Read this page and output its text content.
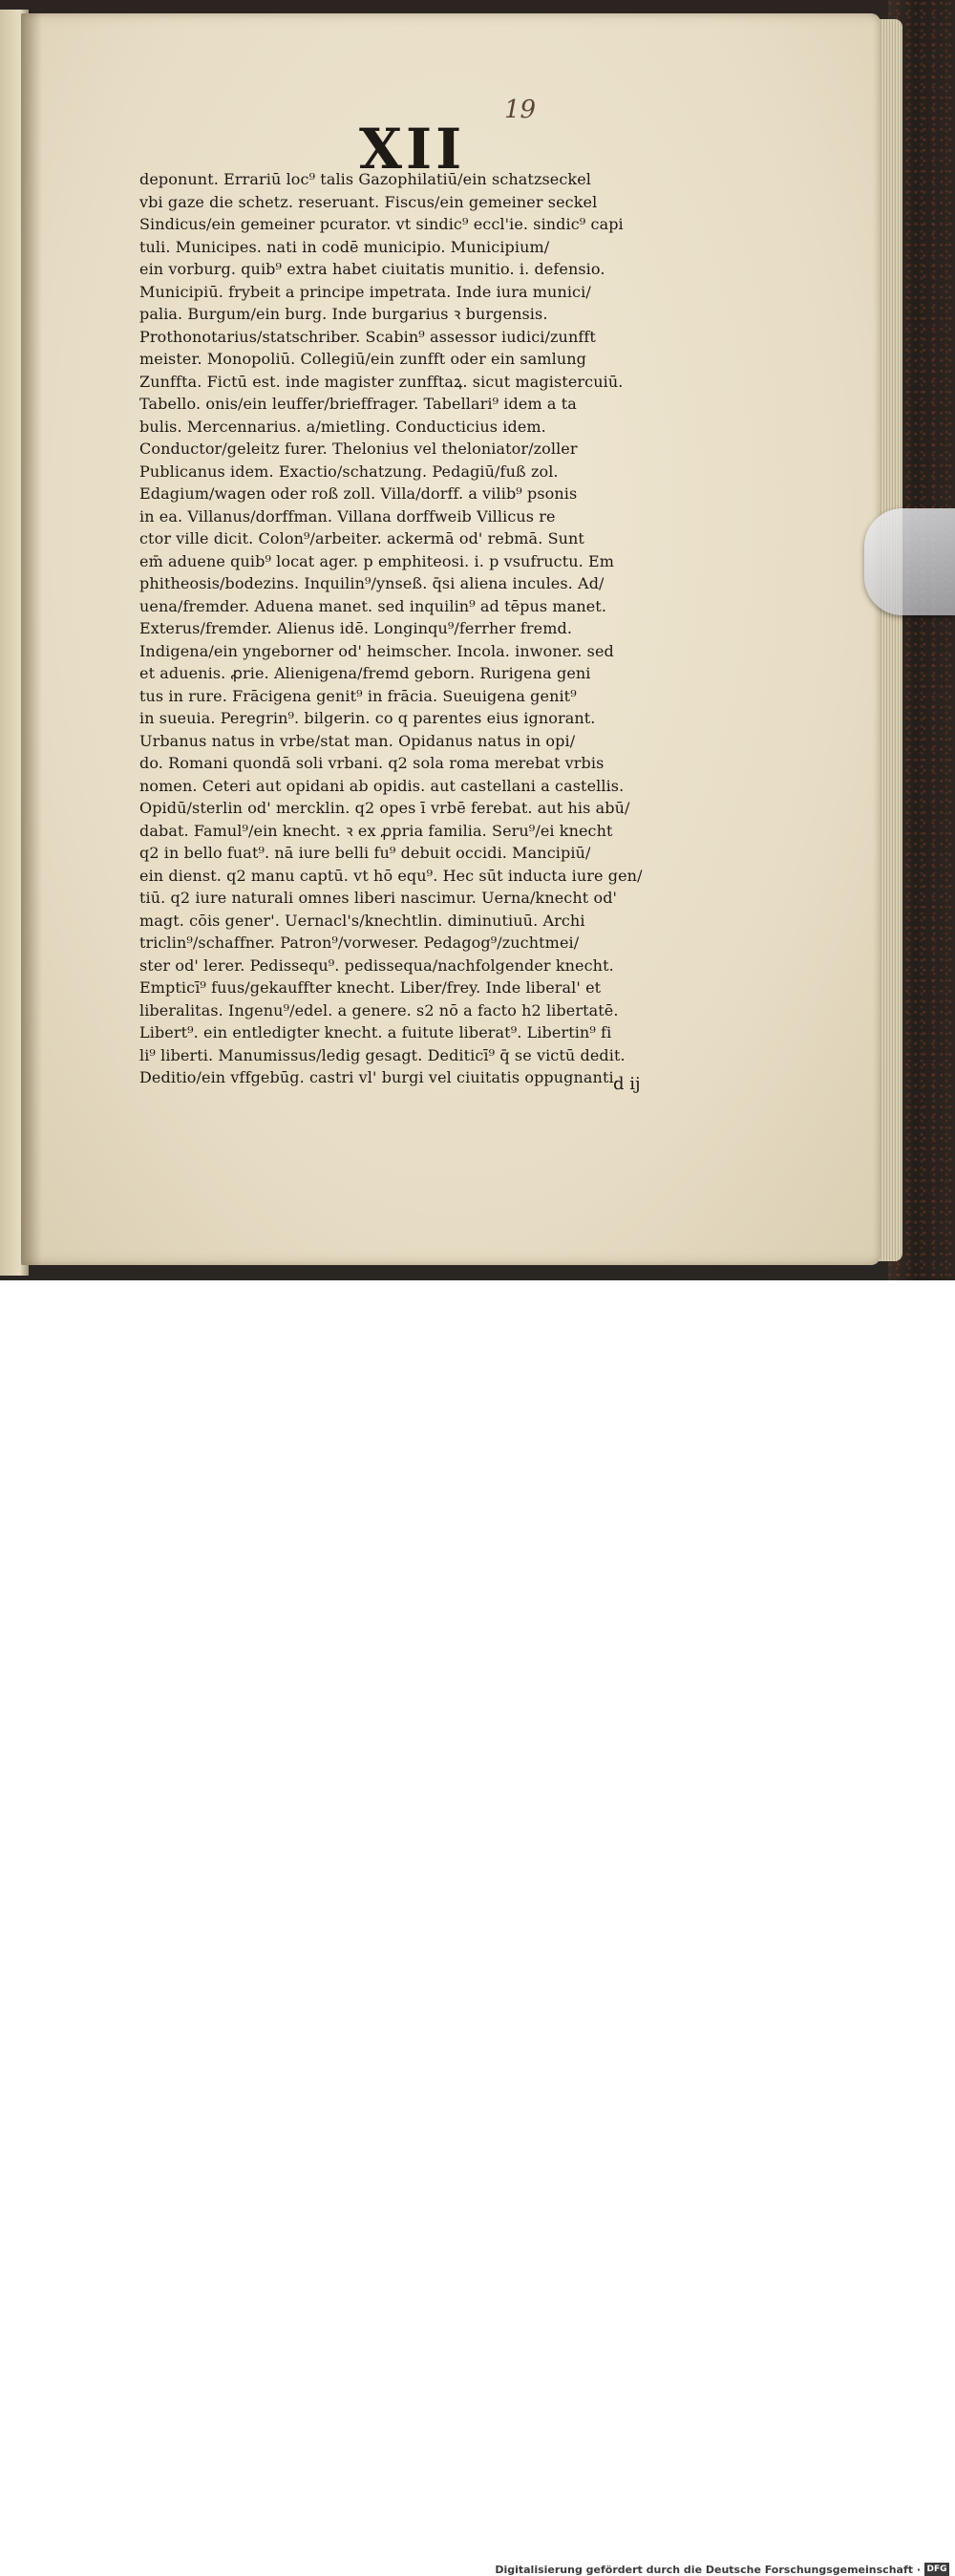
19

XII

deponunt. Errariū loc⁹ talis Gazophilatiū/ein schatzseckel
vbi gaze die schetz. reseruant. Fiscus/ein gemeiner seckel
Sindicus/ein gemeiner pcurator. vt sindic⁹ eccl'ie. sindic⁹ capi
tuli. Municipes. nati in codē municipio. Municipium/
ein vorburg. quib⁹ extra habet ciuitatis munitio. i. defensio.
Municipiū. frybeit a principe impetrata. Inde iura munici/
palia. Burgum/ein burg. Inde burgarius ꝛ burgensis.
Prothonotarius/statschriber. Scabin⁹ assessor iudici/zunfft
meister. Monopoliū. Collegiū/ein zunfft oder ein samlung
Zunffta. Fictū est. inde magister zunfftaꝝ. sicut magistercuiū.
Tabello. onis/ein leuffer/brieffrager. Tabellari⁹ idem a ta
bulis. Mercennarius. a/mietling. Conducticius idem.
Conductor/geleitz furer. Thelonius vel theloniator/zoller
Publicanus idem. Exactio/schatzung. Pedagiū/fuß zol.
Edagium/wagen oder roß zoll. Villa/dorff. a vilib⁹ psonis
in ea. Villanus/dorffman. Villana dorffweib Villicus re
ctor ville dicit. Colon⁹/arbeiter. ackermā od' rebmā. Sunt
em̄ aduene quib⁹ locat ager. p emphiteosi. i. p vsufructu. Em
phitheosis/bodezins. Inquilin⁹/ynseß. q̄si aliena incules. Ad/
uena/fremder. Aduena manet. sed inquilin⁹ ad tēpus manet.
Exterus/fremder. Alienus idē. Longinqu⁹/ferrher fremd.
Indigena/ein yngeborner od' heimscher. Incola. inwoner. sed
et aduenis. ꝓrie. Alienigena/fremd geborn. Rurigena geni
tus in rure. Frācigena genit⁹ in frācia. Sueuigena genit⁹
in sueuia. Peregrin⁹. bilgerin. co q parentes eius ignorant.
Urbanus natus in vrbe/stat man. Opidanus natus in opi/
do. Romani quondā soli vrbani. q2 sola roma merebat vrbis
nomen. Ceteri aut opidani ab opidis. aut castellani a castellis.
Opidū/sterlin od' mercklin. q2 opes ī vrbē ferebat. aut his abū/
dabat. Famul⁹/ein knecht. ꝛ ex ꝓpria familia. Seru⁹/ei knecht
q2 in bello fuat⁹. nā iure belli fu⁹ debuit occidi. Mancipiū/
ein dienst. q2 manu captū. vt hō equ⁹. Hec sūt inducta iure gen/
tiū. q2 iure naturali omnes liberi nascimur. Uerna/knecht od'
magt. cōis gener'. Uernacl's/knechtlin. diminutiuū. Archi
triclin⁹/schaffner. Patron⁹/vorweser. Pedagog⁹/zuchtmei/
ster od' lerer. Pedissequ⁹. pedissequa/nachfolgender knecht.
Empticī⁹ fuus/gekauffter knecht. Liber/frey. Inde liberal' et
liberalitas. Ingenu⁹/edel. a genere. s2 nō a facto h2 libertatē.
Libert⁹. ein entledigter knecht. a fuitute liberat⁹. Libertin⁹ fi
li⁹ liberti. Manumissus/ledig gesagt. Dediticī⁹ q̄ se victū dedit.
Deditio/ein vffgebūg. castri vl' burgi vel ciuitatis oppugnanti.

d ij

Digitalisierung gefördert durch die Deutsche Forschungsgemeinschaft · DFG
